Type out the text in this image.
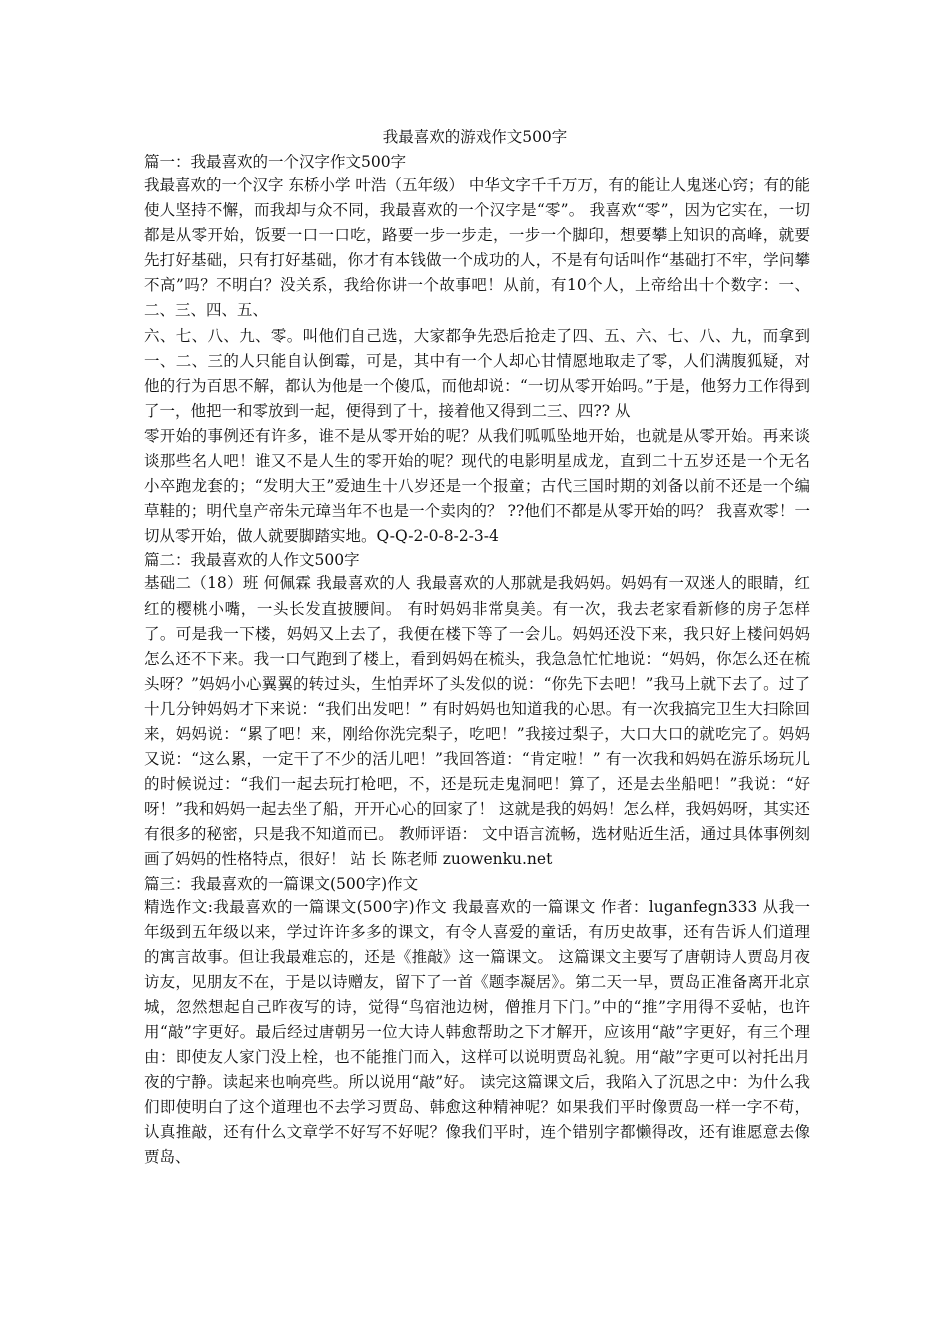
我最喜欢的游戏作文500字

篇一：我最喜欢的一个汉字作文500字

我最喜欢的一个汉字 东桥小学 叶浩（五年级） 中华文字千千万万，有的能让人鬼迷心窍；有的能使人坚持不懈，而我却与众不同，我最喜欢的一个汉字是“零”。 我喜欢“零”，因为它实在，一切都是从零开始，饭要一口一口吃，路要一步一步走，一步一个脚印，想要攀上知识的高峰，就要先打好基础，只有打好基础，你才有本钱做一个成功的人，不是有句话叫作“基础打不牢，学问攀不高”吗？不明白？没关系，我给你讲一个故事吧！从前，有10个人，上帝给出十个数字：一、二、三、四、五、

六、七、八、九、零。叫他们自己选，大家都争先恐后抢走了四、五、六、七、八、九，而拿到一、二、三的人只能自认倒霉，可是，其中有一个人却心甘情愿地取走了零，人们满腹狐疑，对他的行为百思不解，都认为他是一个傻瓜，而他却说：“一切从零开始吗。”于是，他努力工作得到了一，他把一和零放到一起，便得到了十，接着他又得到二三、四?? 从

零开始的事例还有许多，谁不是从零开始的呢？从我们呱呱坠地开始，也就是从零开始。再来谈谈那些名人吧！谁又不是人生的零开始的呢？现代的电影明星成龙，直到二十五岁还是一个无名小卒跑龙套的；“发明大王”爱迪生十八岁还是一个报童；古代三国时期的刘备以前不还是一个编草鞋的；明代皇产帝朱元璋当年不也是一个卖肉的？ ??他们不都是从零开始的吗？ 我喜欢零！一切从零开始，做人就要脚踏实地。Q-Q-2-0-8-2-3-4

篇二：我最喜欢的人作文500字

基础二（18）班 何佩霖 我最喜欢的人 我最喜欢的人那就是我妈妈。妈妈有一双迷人的眼睛，红红的樱桃小嘴，一头长发直披腰间。 有时妈妈非常臭美。有一次，我去老家看新修的房子怎样了。可是我一下楼，妈妈又上去了，我便在楼下等了一会儿。妈妈还没下来，我只好上楼问妈妈怎么还不下来。我一口气跑到了楼上，看到妈妈在梳头，我急急忙忙地说：“妈妈，你怎么还在梳头呀？”妈妈小心翼翼的转过头，生怕弄坏了头发似的说：“你先下去吧！”我马上就下去了。过了十几分钟妈妈才下来说：“我们出发吧！” 有时妈妈也知道我的心思。有一次我搞完卫生大扫除回来，妈妈说：“累了吧！来，刚给你洗完梨子，吃吧！”我接过梨子，大口大口的就吃完了。妈妈又说：“这么累，一定干了不少的活儿吧！”我回答道：“肯定啦！” 有一次我和妈妈在游乐场玩儿的时候说过：“我们一起去玩打枪吧，不，还是玩走鬼洞吧！算了，还是去坐船吧！”我说：“好呀！”我和妈妈一起去坐了船，开开心心的回家了！ 这就是我的妈妈！怎么样，我妈妈呀，其实还有很多的秘密，只是我不知道而已。 教师评语： 文中语言流畅，选材贴近生活，通过具体事例刻画了妈妈的性格特点，很好！ 站 长 陈老师 zuowenku.net

篇三：我最喜欢的一篇课文(500字)作文

精选作文:我最喜欢的一篇课文(500字)作文 我最喜欢的一篇课文 作者：luganfegn333 从我一年级到五年级以来，学过许许多多的课文，有令人喜爱的童话，有历史故事，还有告诉人们道理的寓言故事。但让我最难忘的，还是《推敲》这一篇课文。 这篇课文主要写了唐朝诗人贾岛月夜访友，见朋友不在，于是以诗赠友，留下了一首《题李凝居》。第二天一早，贾岛正准备离开北京城，忽然想起自己昨夜写的诗，觉得“鸟宿池边树，僧推月下门。”中的“推”字用得不妥帖，也许用“敲”字更好。最后经过唐朝另一位大诗人韩愈帮助之下才解开，应该用“敲”字更好，有三个理由：即使友人家门没上栓，也不能推门而入，这样可以说明贾岛礼貌。用“敲”字更可以衬托出月夜的宁静。读起来也响亮些。所以说用“敲”好。 读完这篇课文后，我陷入了沉思之中：为什么我们即使明白了这个道理也不去学习贾岛、韩愈这种精神呢？如果我们平时像贾岛一样一字不苟，认真推敲，还有什么文章学不好写不好呢？像我们平时，连个错别字都懒得改，还有谁愿意去像贾岛、
